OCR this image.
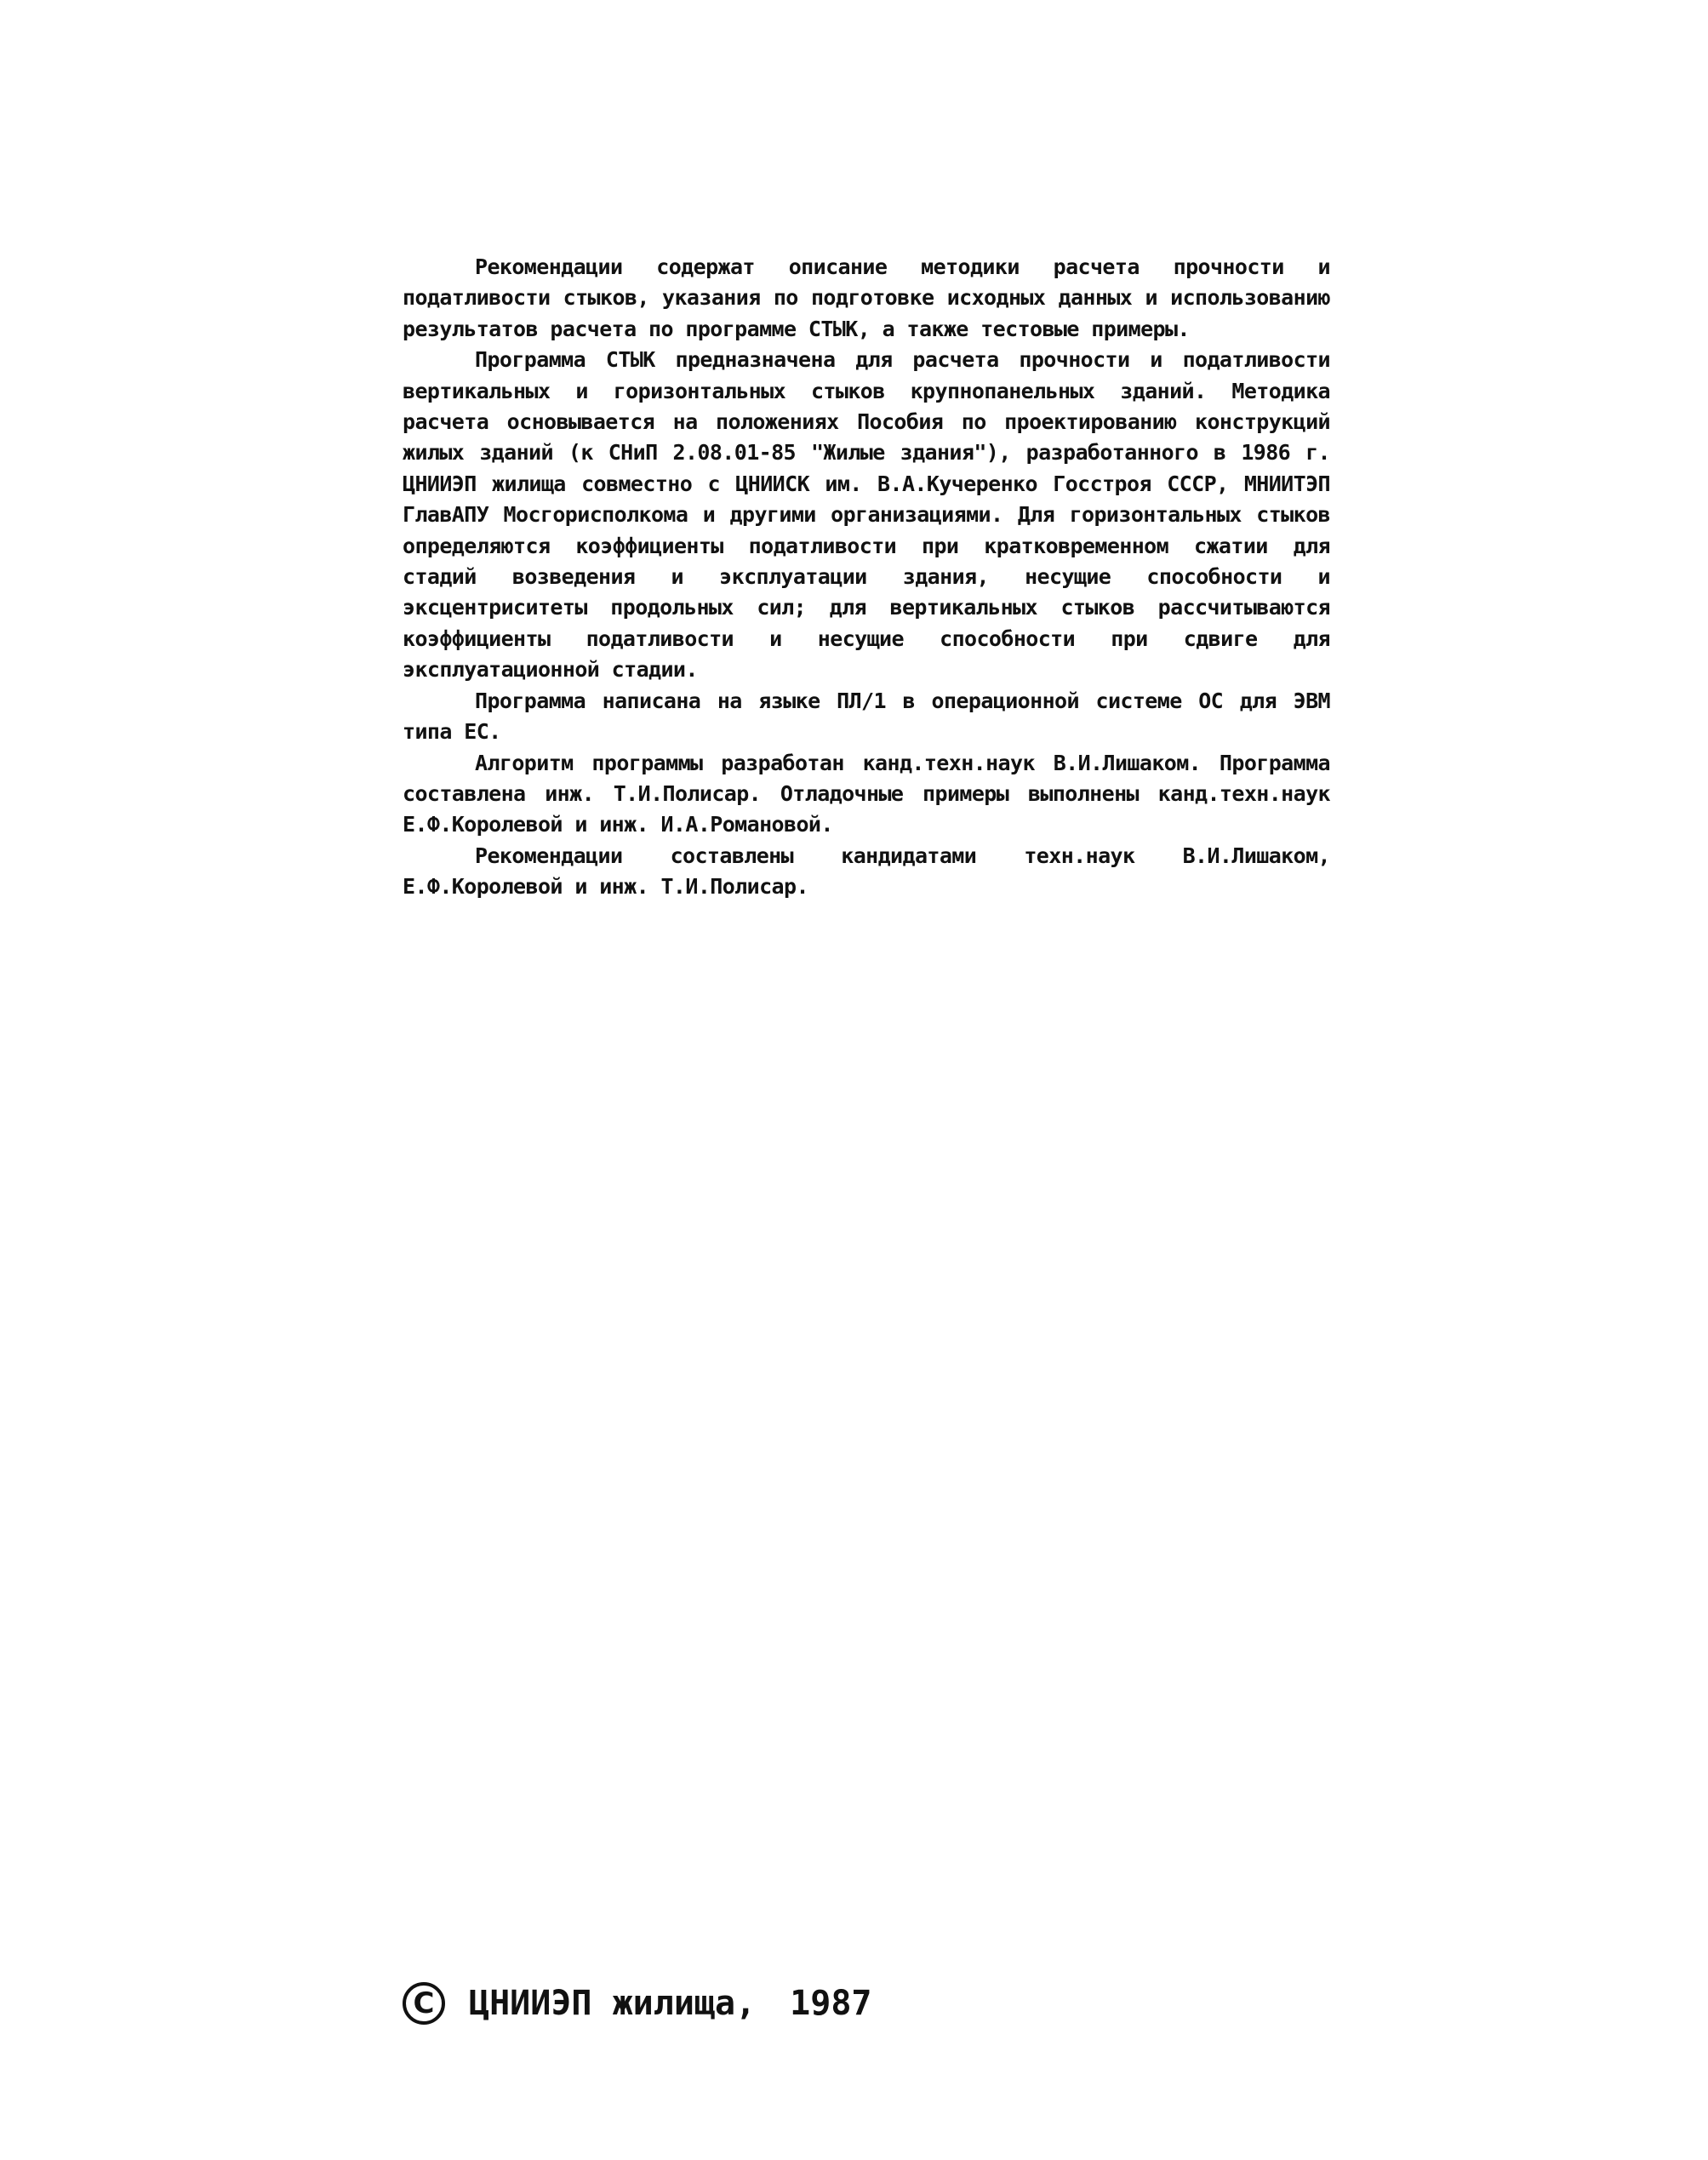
Рекомендации содержат описание методики расчета прочности и податливости стыков, указания по подготовке исходных данных и использованию результатов расчета по программе СТЫК, а также тестовые примеры.

Программа СТЫК предназначена для расчета прочности и податливости вертикальных и горизонтальных стыков крупнопанельных зданий. Методика расчета основывается на положениях Пособия по проектированию конструкций жилых зданий (к СНиП 2.08.01-85 "Жилые здания"), разработанного в 1986 г. ЦНИИЭП жилища совместно с ЦНИИСК им. В.А.Кучеренко Госстроя СССР, МНИИТЭП ГлавАПУ Мосгорисполкома и другими организациями. Для горизонтальных стыков определяются коэффициенты податливости при кратковременном сжатии для стадий возведения и эксплуатации здания, несущие способности и эксцентриситеты продольных сил; для вертикальных стыков рассчитываются коэффициенты податливости и несущие способности при сдвиге для эксплуатационной стадии.

Программа написана на языке ПЛ/1 в операционной системе ОС для ЭВМ типа ЕС.

Алгоритм программы разработан канд.техн.наук В.И.Лишаком. Программа составлена инж. Т.И.Полисар. Отладочные примеры выполнены канд.техн.наук Е.Ф.Королевой и инж. И.А.Романовой.

Рекомендации составлены кандидатами техн.наук В.И.Лишаком, Е.Ф.Королевой и инж. Т.И.Полисар.

C	ЦНИИЭП жилища, 1987
